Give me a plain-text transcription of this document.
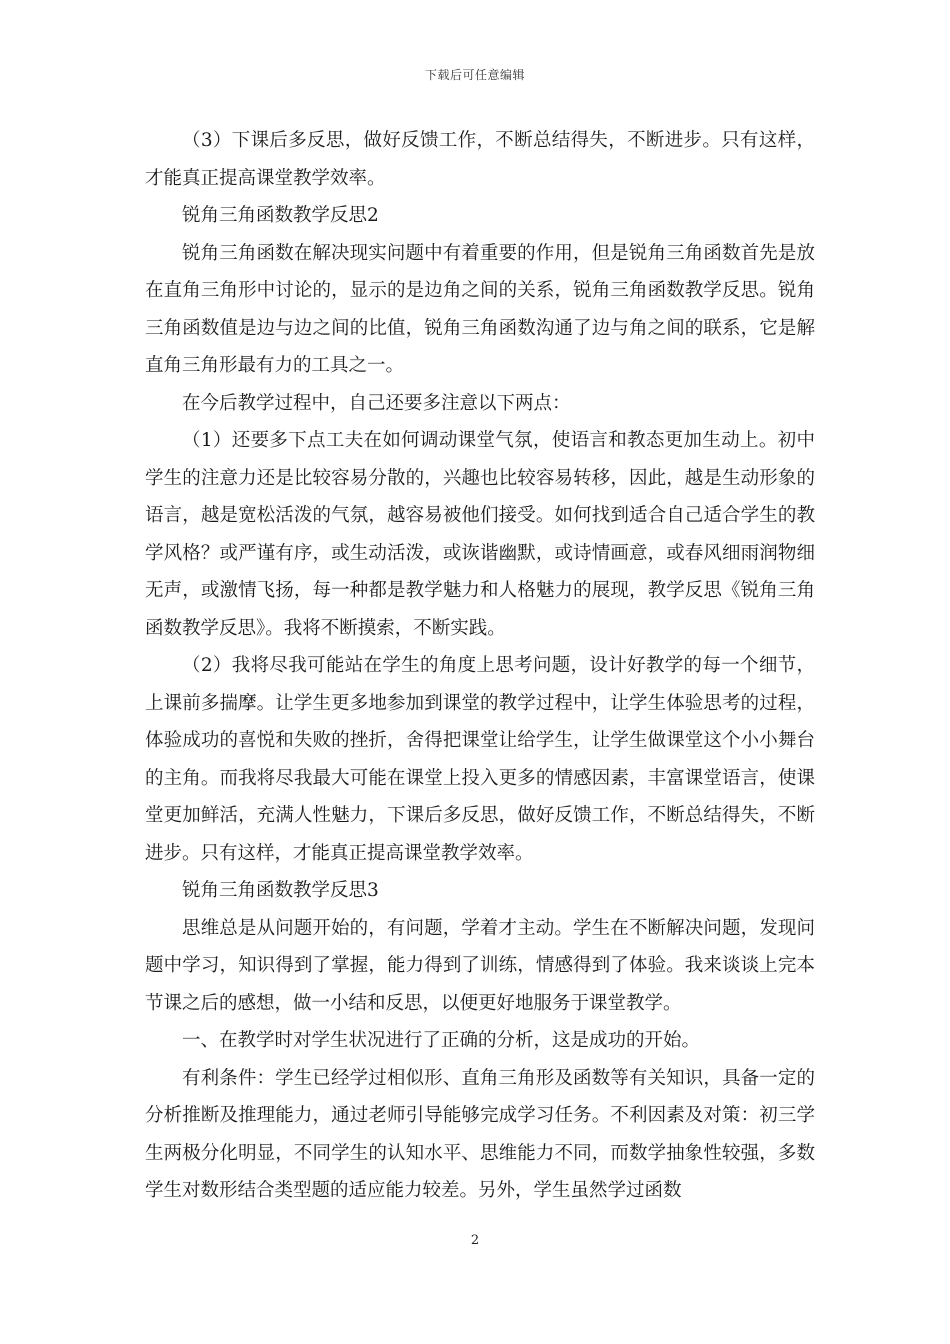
下载后可任意编辑

（3）下课后多反思，做好反馈工作，不断总结得失，不断进步。只有这样，才能真正提高课堂教学效率。

锐角三角函数教学反思2

锐角三角函数在解决现实问题中有着重要的作用，但是锐角三角函数首先是放在直角三角形中讨论的，显示的是边角之间的关系，锐角三角函数教学反思。锐角三角函数值是边与边之间的比值，锐角三角函数沟通了边与角之间的联系，它是解直角三角形最有力的工具之一。

在今后教学过程中，自己还要多注意以下两点：

（1）还要多下点工夫在如何调动课堂气氛，使语言和教态更加生动上。初中学生的注意力还是比较容易分散的，兴趣也比较容易转移，因此，越是生动形象的语言，越是宽松活泼的气氛，越容易被他们接受。如何找到适合自己适合学生的教学风格？或严谨有序，或生动活泼，或诙谐幽默，或诗情画意，或春风细雨润物细无声，或激情飞扬，每一种都是教学魅力和人格魅力的展现，教学反思《锐角三角函数教学反思》。我将不断摸索，不断实践。

（2）我将尽我可能站在学生的角度上思考问题，设计好教学的每一个细节，上课前多揣摩。让学生更多地参加到课堂的教学过程中，让学生体验思考的过程，体验成功的喜悦和失败的挫折，舍得把课堂让给学生，让学生做课堂这个小小舞台的主角。而我将尽我最大可能在课堂上投入更多的情感因素，丰富课堂语言，使课堂更加鲜活，充满人性魅力，下课后多反思，做好反馈工作，不断总结得失，不断进步。只有这样，才能真正提高课堂教学效率。

锐角三角函数教学反思3

思维总是从问题开始的，有问题，学着才主动。学生在不断解决问题，发现问题中学习，知识得到了掌握，能力得到了训练，情感得到了体验。我来谈谈上完本节课之后的感想，做一小结和反思，以便更好地服务于课堂教学。

一、在教学时对学生状况进行了正确的分析，这是成功的开始。

有利条件：学生已经学过相似形、直角三角形及函数等有关知识，具备一定的分析推断及推理能力，通过老师引导能够完成学习任务。不利因素及对策：初三学生两极分化明显，不同学生的认知水平、思维能力不同，而数学抽象性较强，多数学生对数形结合类型题的适应能力较差。另外，学生虽然学过函数

2
